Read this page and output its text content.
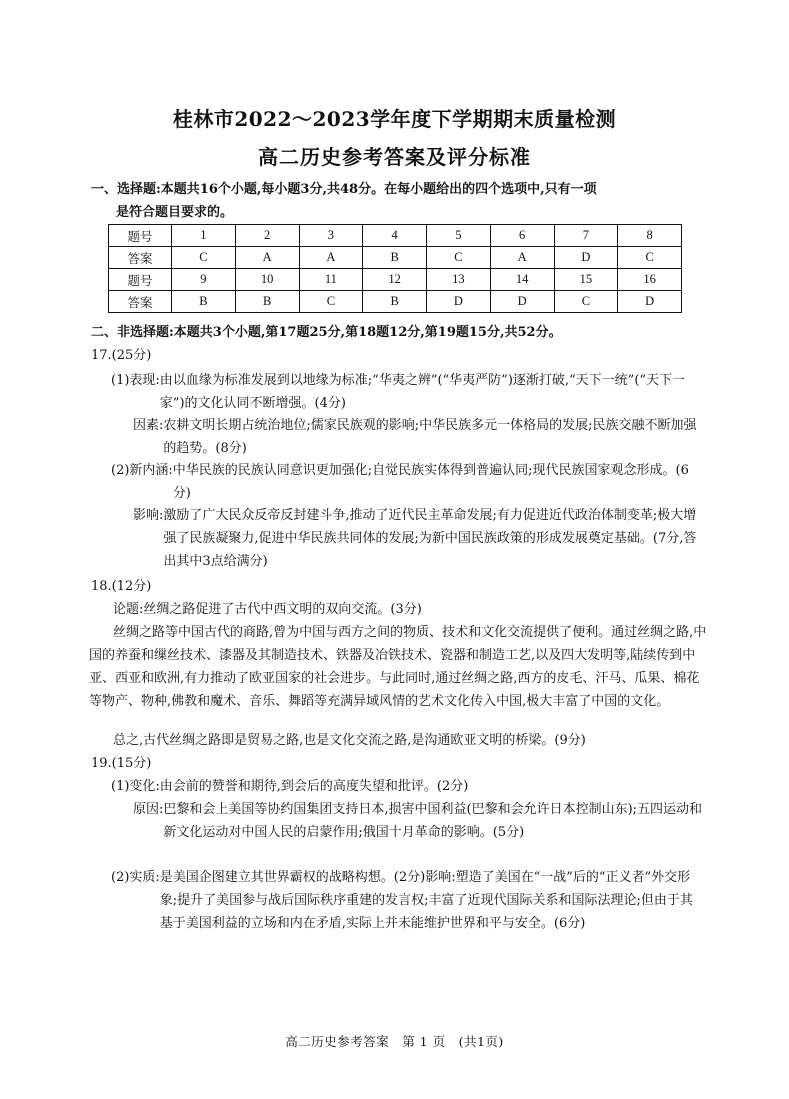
桂林市2022～2023学年度下学期期末质量检测
高二历史参考答案及评分标准
一、选择题:本题共16个小题,每小题3分,共48分。在每小题给出的四个选项中,只有一项
是符合题目要求的。
题号	1	2	3	4	5	6	7	8
答案	C	A	A	B	C	A	D	C
题号	9	10	11	12	13	14	15	16
答案	B	B	C	B	D	D	C	D
二、非选择题:本题共3个小题,第17题25分,第18题12分,第19题15分,共52分。
17.(25分)
(1)表现: 由以血缘为标准发展到以地缘为标准;“华夷之辨”(“华夷严防”)逐渐打破,“天下一统”(“天下一家”)的文化认同不断增强。(4分)
因素: 农耕文明长期占统治地位;儒家民族观的影响;中华民族多元一体格局的发展;民族交融不断加强的趋势。(8分)
(2)新内涵: 中华民族的民族认同意识更加强化;自觉民族实体得到普遍认同;现代民族国家观念形成。(6分)
影响: 激励了广大民众反帝反封建斗争,推动了近代民主革命发展;有力促进近代政治体制变革;极大增强了民族凝聚力,促进中华民族共同体的发展;为新中国民族政策的形成发展奠定基础。(7分,答出其中3点给满分)
18.(12分)
论题:丝绸之路促进了古代中西文明的双向交流。(3分)
丝绸之路等中国古代的商路,曾为中国与西方之间的物质、技术和文化交流提供了便利。通过丝绸之路,中国的养蚕和缫丝技术、漆器及其制造技术、铁器及冶铁技术、瓷器和制造工艺,以及四大发明等,陆续传到中亚、西亚和欧洲,有力推动了欧亚国家的社会进步。与此同时,通过丝绸之路,西方的皮毛、汗马、瓜果、棉花等物产、物种,佛教和魔术、音乐、舞蹈等充满异域风情的艺术文化传入中国,极大丰富了中国的文化。
总之,古代丝绸之路即是贸易之路,也是文化交流之路,是沟通欧亚文明的桥梁。(9分)
19.(15分)
(1)变化: 由会前的赞誉和期待,到会后的高度失望和批评。(2分)
原因: 巴黎和会上美国等协约国集团支持日本,损害中国利益(巴黎和会允许日本控制山东);五四运动和新文化运动对中国人民的启蒙作用;俄国十月革命的影响。(5分)
(2)实质: 是美国企图建立其世界霸权的战略构想。(2分)影响:塑造了美国在“一战”后的“正义者”外交形象;提升了美国参与战后国际秩序重建的发言权;丰富了近现代国际关系和国际法理论;但由于其基于美国利益的立场和内在矛盾,实际上并未能维护世界和平与安全。(6分)
高二历史参考答案　第 1 页　(共1页)
